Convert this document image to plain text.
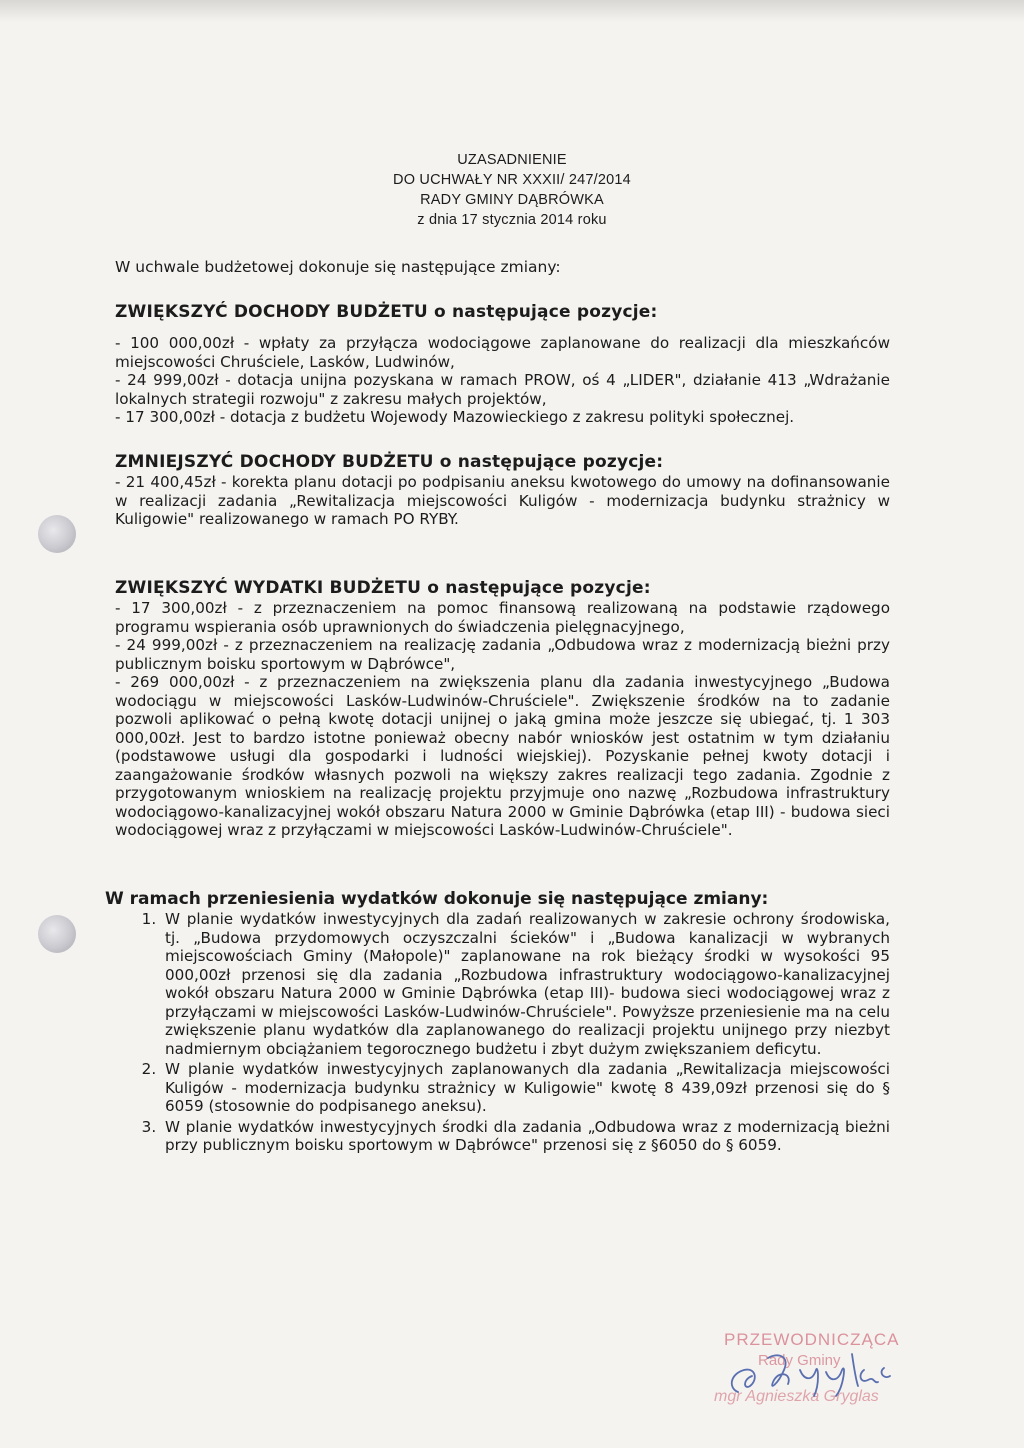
UZASADNIENIE
DO UCHWAŁY NR XXXII/ 247/2014
RADY GMINY DĄBRÓWKA
z dnia 17 stycznia 2014 roku

W uchwale budżetowej dokonuje się następujące zmiany:

ZWIĘKSZYĆ DOCHODY BUDŻETU o następujące pozycje:

- 100 000,00zł - wpłaty za przyłącza wodociągowe zaplanowane do realizacji dla mieszkańców miejscowości Chruściele, Lasków, Ludwinów,

- 24 999,00zł - dotacja unijna pozyskana w ramach PROW, oś 4 „LIDER", działanie 413 „Wdrażanie lokalnych strategii rozwoju" z zakresu małych projektów,

- 17 300,00zł - dotacja z budżetu Wojewody Mazowieckiego z zakresu polityki społecznej.

ZMNIEJSZYĆ DOCHODY BUDŻETU o następujące pozycje:

- 21 400,45zł - korekta planu dotacji po podpisaniu aneksu kwotowego do umowy na dofinansowanie w realizacji zadania „Rewitalizacja miejscowości Kuligów - modernizacja budynku strażnicy w Kuligowie" realizowanego w ramach PO RYBY.

ZWIĘKSZYĆ WYDATKI BUDŻETU o następujące pozycje:

- 17 300,00zł - z przeznaczeniem na pomoc finansową realizowaną na podstawie rządowego programu wspierania osób uprawnionych do świadczenia pielęgnacyjnego,

- 24 999,00zł - z przeznaczeniem na realizację zadania „Odbudowa wraz z modernizacją bieżni przy publicznym boisku sportowym w Dąbrówce",

- 269 000,00zł - z przeznaczeniem na zwiększenia planu dla zadania inwestycyjnego „Budowa wodociągu w miejscowości Lasków-Ludwinów-Chruściele". Zwiększenie środków na to zadanie pozwoli aplikować o pełną kwotę dotacji unijnej o jaką gmina może jeszcze się ubiegać, tj. 1 303 000,00zł. Jest to bardzo istotne ponieważ obecny nabór wniosków jest ostatnim w tym działaniu (podstawowe usługi dla gospodarki i ludności wiejskiej). Pozyskanie pełnej kwoty dotacji i zaangażowanie środków własnych pozwoli na większy zakres realizacji tego zadania. Zgodnie z przygotowanym wnioskiem na realizację projektu przyjmuje ono nazwę „Rozbudowa infrastruktury wodociągowo-kanalizacyjnej wokół obszaru Natura 2000 w Gminie Dąbrówka (etap III) - budowa sieci wodociągowej wraz z przyłączami w miejscowości Lasków-Ludwinów-Chruściele".

W ramach przeniesienia wydatków dokonuje się następujące zmiany:

1. W planie wydatków inwestycyjnych dla zadań realizowanych w zakresie ochrony środowiska, tj. „Budowa przydomowych oczyszczalni ścieków" i „Budowa kanalizacji w wybranych miejscowościach Gminy (Małopole)" zaplanowane na rok bieżący środki w wysokości 95 000,00zł przenosi się dla zadania „Rozbudowa infrastruktury wodociągowo-kanalizacyjnej wokół obszaru Natura 2000 w Gminie Dąbrówka (etap III)- budowa sieci wodociągowej wraz z przyłączami w miejscowości Lasków-Ludwinów-Chruściele". Powyższe przeniesienie ma na celu zwiększenie planu wydatków dla zaplanowanego do realizacji projektu unijnego przy niezbyt nadmiernym obciążaniem tegorocznego budżetu i zbyt dużym zwiększaniem deficytu.
2. W planie wydatków inwestycyjnych zaplanowanych dla zadania „Rewitalizacja miejscowości Kuligów - modernizacja budynku strażnicy w Kuligowie" kwotę 8 439,09zł przenosi się do § 6059 (stosownie do podpisanego aneksu).
3. W planie wydatków inwestycyjnych środki dla zadania „Odbudowa wraz z modernizacją bieżni przy publicznym boisku sportowym w Dąbrówce" przenosi się z §6050 do § 6059.
PRZEWODNICZĄCA
Rady Gminy
mgr Agnieszka Gryglas
